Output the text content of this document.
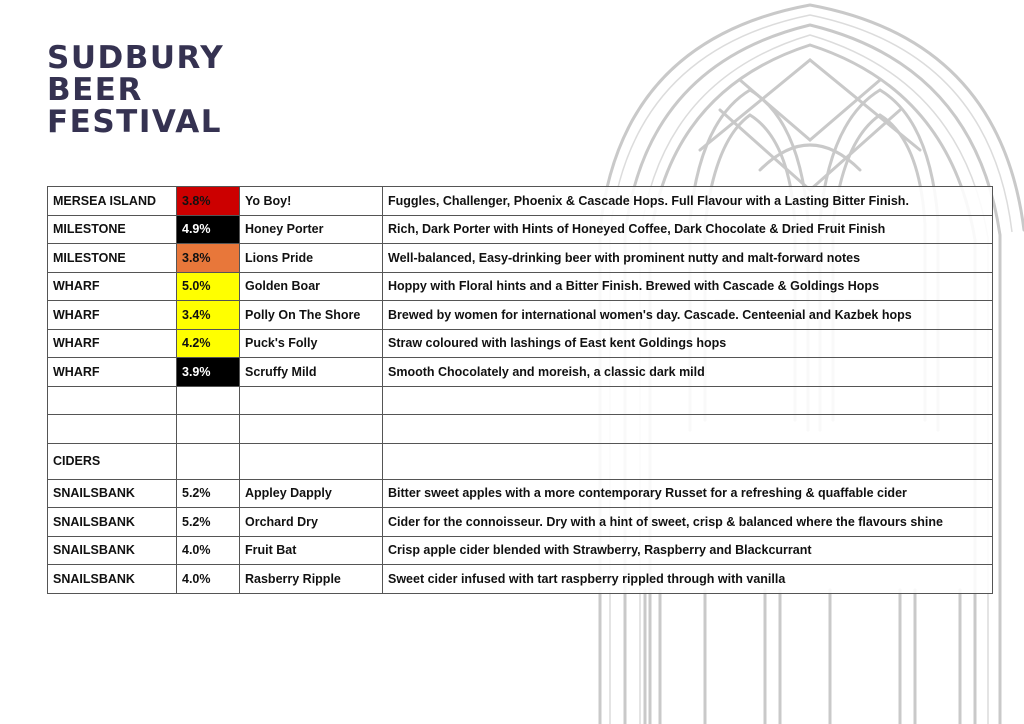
SUDBURY
BEER
FESTIVAL
MERSEA ISLAND	3.8%	Yo Boy!	Fuggles, Challenger, Phoenix & Cascade Hops. Full Flavour with a Lasting Bitter Finish.
MILESTONE	4.9%	Honey Porter	Rich, Dark Porter with Hints of Honeyed Coffee, Dark Chocolate & Dried Fruit Finish
MILESTONE	3.8%	Lions Pride	Well-balanced, Easy-drinking beer with prominent nutty and malt-forward notes
WHARF	5.0%	Golden Boar	Hoppy with Floral hints and a Bitter Finish. Brewed with Cascade & Goldings Hops
WHARF	3.4%	Polly On The Shore	Brewed by women for international women's day. Cascade. Centeenial and Kazbek hops
WHARF	4.2%	Puck's Folly	Straw coloured with lashings of East kent Goldings hops
WHARF	3.9%	Scruffy Mild	Smooth Chocolately and moreish, a classic dark mild

CIDERS			
SNAILSBANK	5.2%	Appley Dapply	Bitter sweet apples with a more contemporary Russet for a refreshing & quaffable cider
SNAILSBANK	5.2%	Orchard Dry	Cider for the connoisseur. Dry with a hint of sweet, crisp & balanced where the flavours shine
SNAILSBANK	4.0%	Fruit Bat	Crisp apple cider blended with Strawberry, Raspberry and Blackcurrant
SNAILSBANK	4.0%	Rasberry Ripple	Sweet cider infused with tart raspberry rippled through with vanilla
